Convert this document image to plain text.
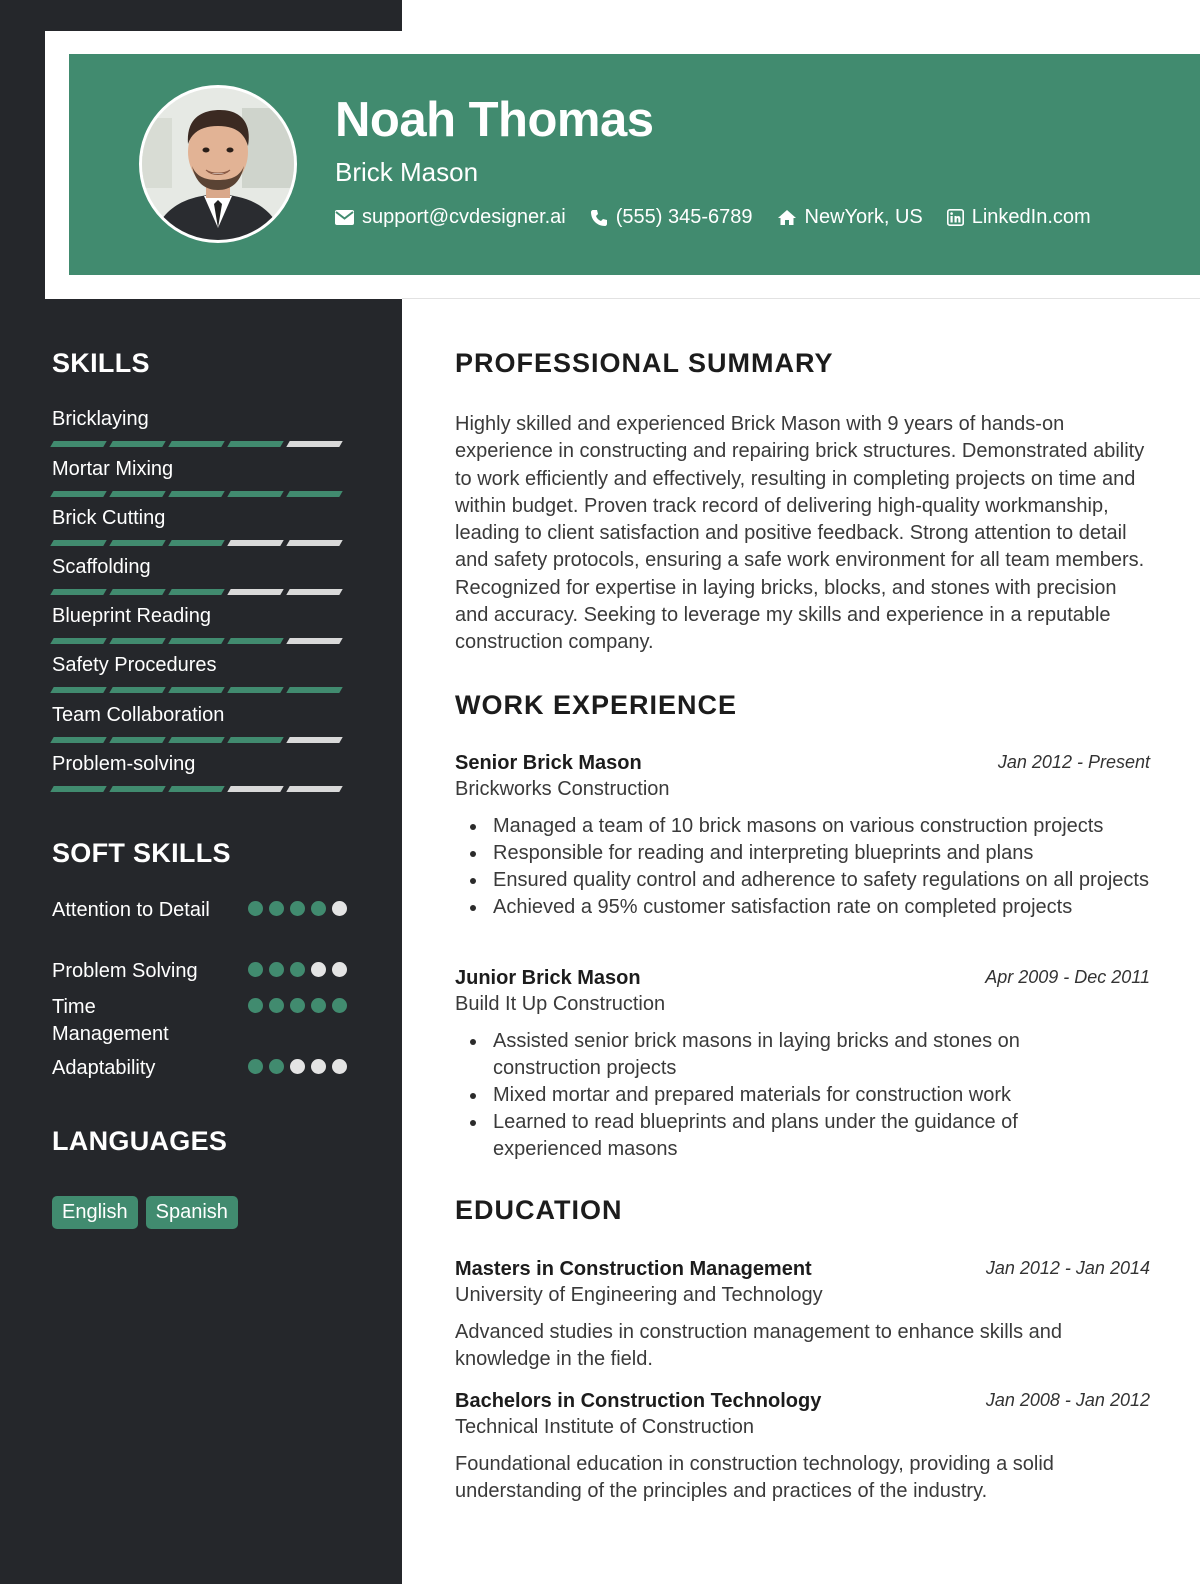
Noah Thomas
Brick Mason
support@cvdesigner.ai	(555) 345-6789	NewYork, US LinkedIn.com
SKILLS
Bricklaying
Mortar Mixing
Brick Cutting
Scaffolding
Blueprint Reading
Safety Procedures
Team Collaboration
Problem-solving
SOFT SKILLS
Attention to Detail
Problem Solving
Time Management
Adaptability
LANGUAGES
English	Spanish
PROFESSIONAL SUMMARY
Highly skilled and experienced Brick Mason with 9 years of hands-on experience in constructing and repairing brick structures. Demonstrated ability to work efficiently and effectively, resulting in completing projects on time and within budget. Proven track record of delivering high-quality workmanship, leading to client satisfaction and positive feedback. Strong attention to detail and safety protocols, ensuring a safe work environment for all team members. Recognized for expertise in laying bricks, blocks, and stones with precision and accuracy. Seeking to leverage my skills and experience in a reputable construction company.
WORK EXPERIENCE
Senior Brick Mason	Jan 2012 - Present
Brickworks Construction
Managed a team of 10 brick masons on various construction projects
Responsible for reading and interpreting blueprints and plans
Ensured quality control and adherence to safety regulations on all projects
Achieved a 95% customer satisfaction rate on completed projects
Junior Brick Mason	Apr 2009 - Dec 2011
Build It Up Construction
Assisted senior brick masons in laying bricks and stones on construction projects
Mixed mortar and prepared materials for construction work
Learned to read blueprints and plans under the guidance of experienced masons
EDUCATION
Masters in Construction Management	Jan 2012 - Jan 2014
University of Engineering and Technology
Advanced studies in construction management to enhance skills and knowledge in the field.
Bachelors in Construction Technology	Jan 2008 - Jan 2012
Technical Institute of Construction
Foundational education in construction technology, providing a solid understanding of the principles and practices of the industry.
